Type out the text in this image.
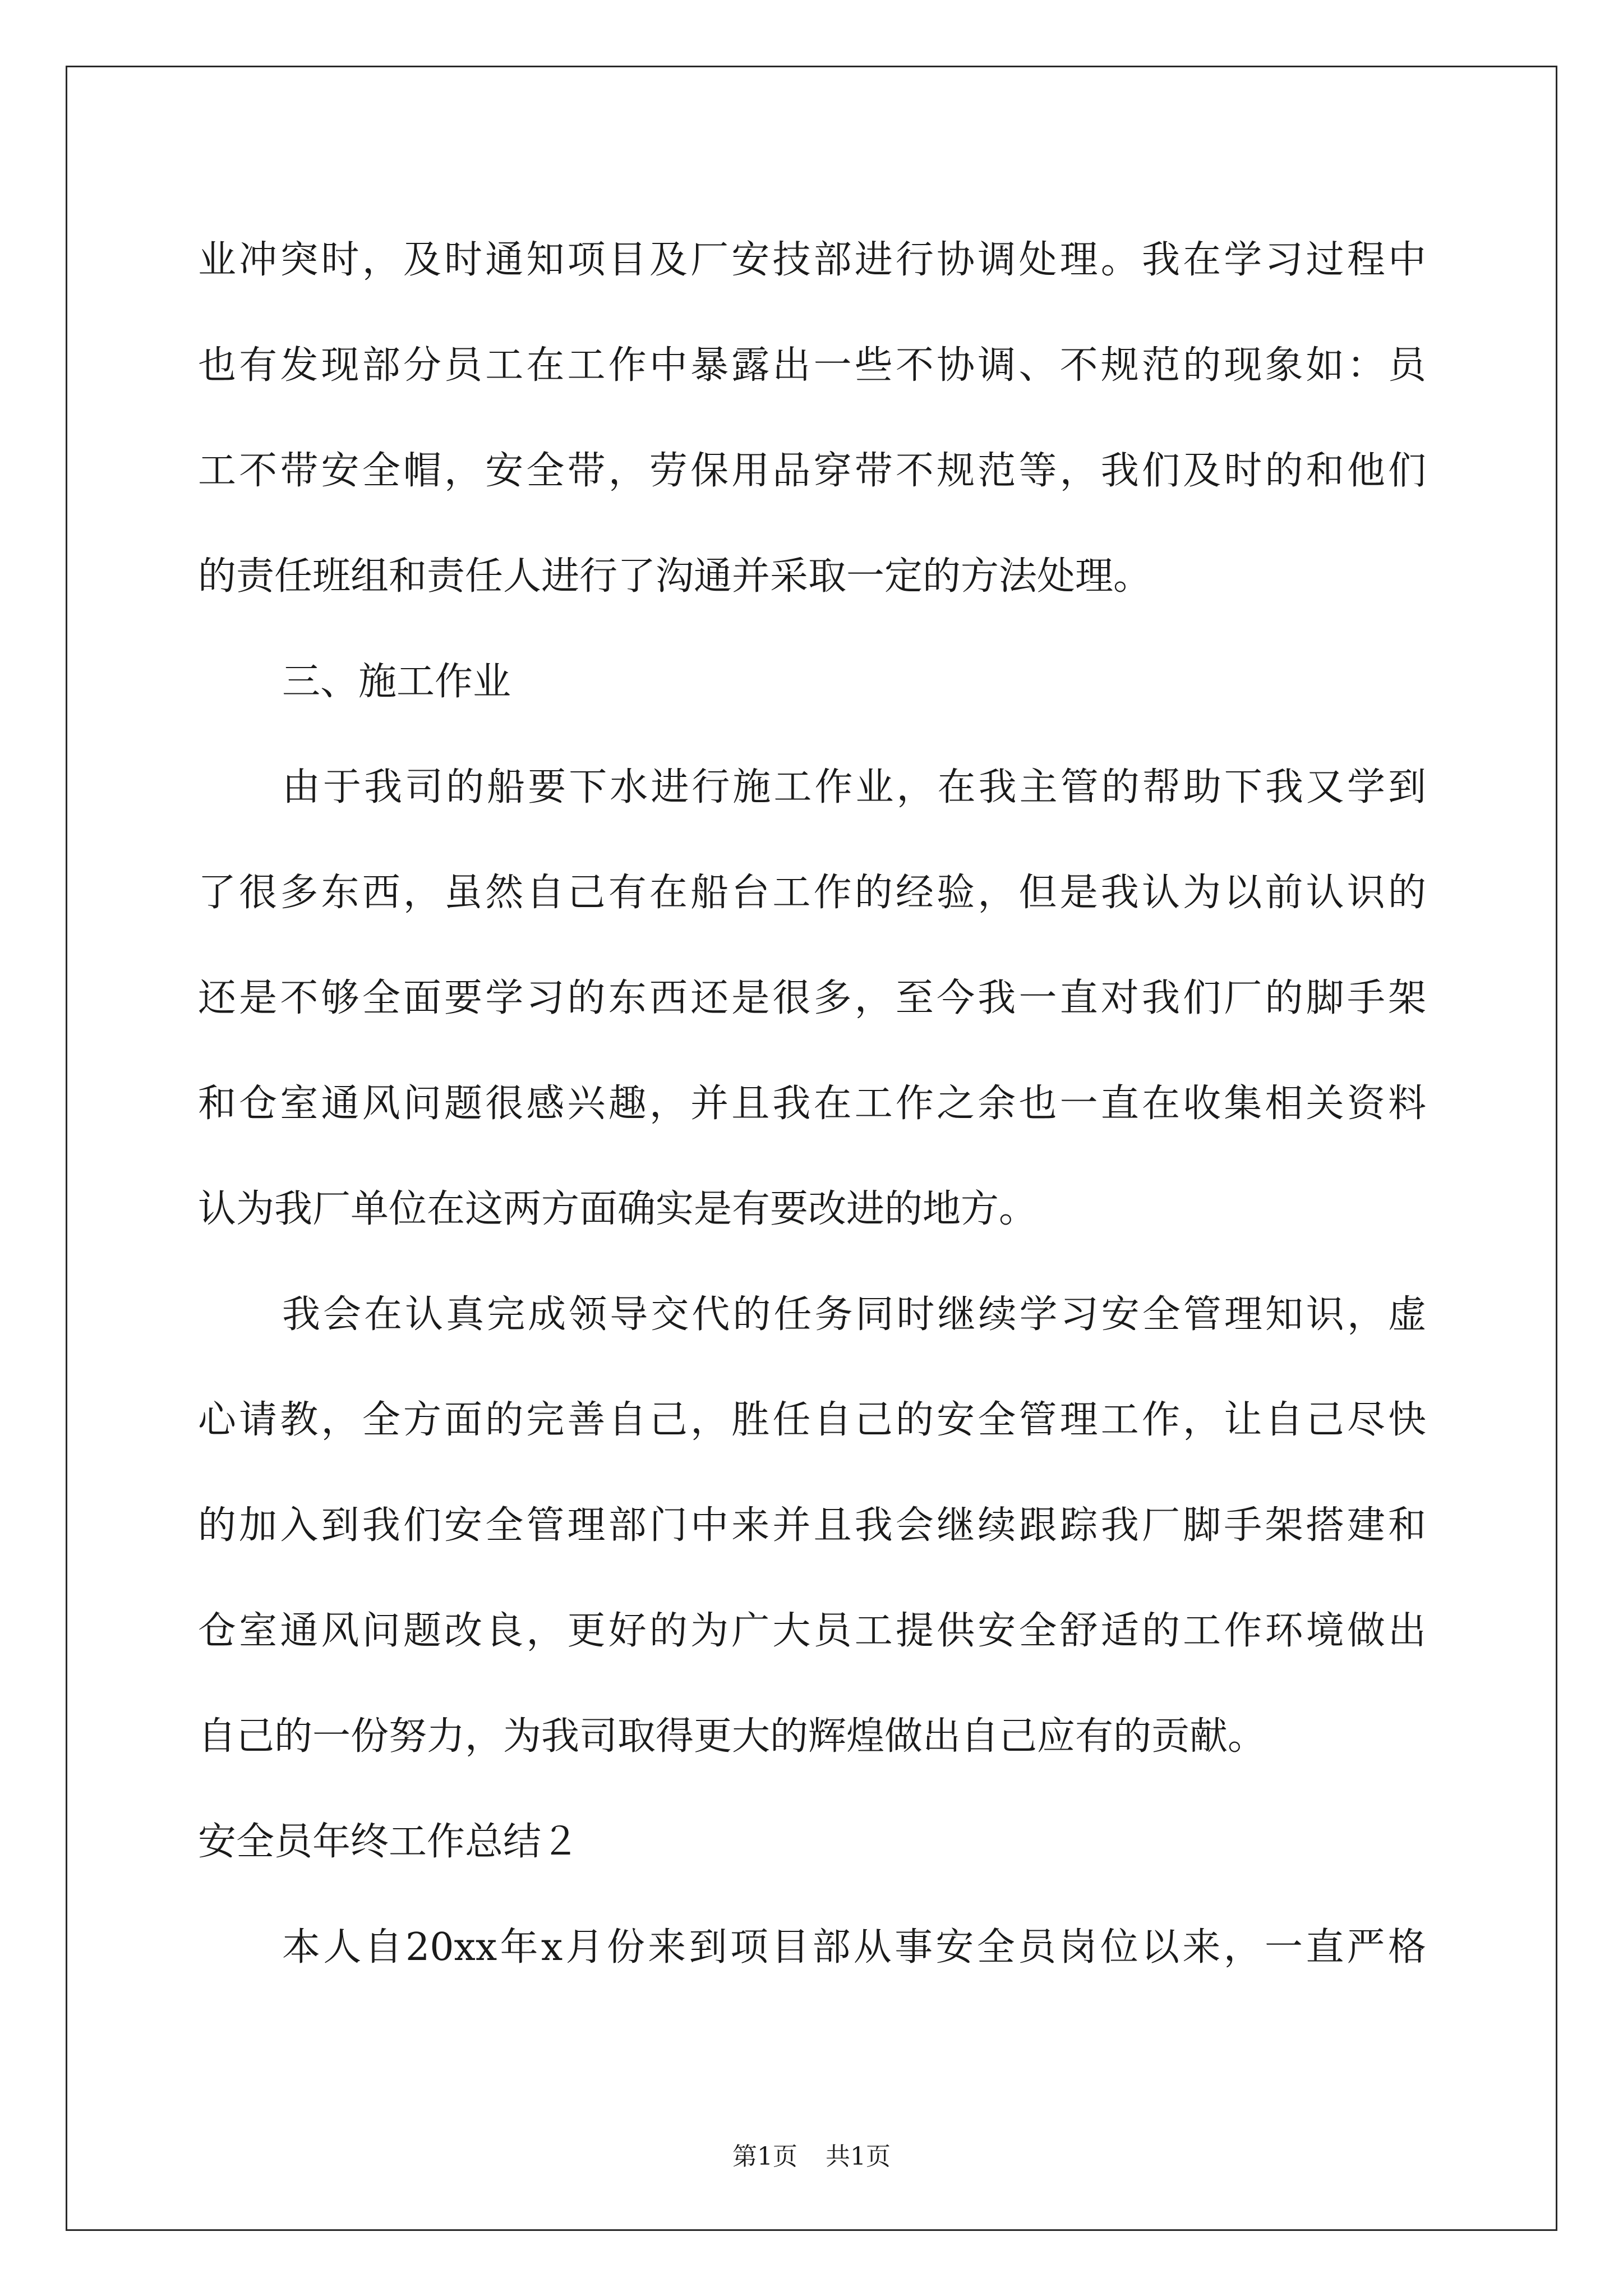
业冲突时，及时通知项目及厂安技部进行协调处理。我在学习过程中
也有发现部分员工在工作中暴露出一些不协调、不规范的现象如：员
工不带安全帽，安全带，劳保用品穿带不规范等，我们及时的和他们
的责任班组和责任人进行了沟通并采取一定的方法处理。
三、施工作业
由于我司的船要下水进行施工作业，在我主管的帮助下我又学到
了很多东西，虽然自己有在船台工作的经验，但是我认为以前认识的
还是不够全面要学习的东西还是很多，至今我一直对我们厂的脚手架
和仓室通风问题很感兴趣，并且我在工作之余也一直在收集相关资料
认为我厂单位在这两方面确实是有要改进的地方。
我会在认真完成领导交代的任务同时继续学习安全管理知识，虚
心请教，全方面的完善自己，胜任自己的安全管理工作，让自己尽快
的加入到我们安全管理部门中来并且我会继续跟踪我厂脚手架搭建和
仓室通风问题改良，更好的为广大员工提供安全舒适的工作环境做出
自己的一份努力，为我司取得更大的辉煌做出自己应有的贡献。
安全员年终工作总结２
本人自20xx年x月份来到项目部从事安全员岗位以来，一直严格
第1页 共1页
